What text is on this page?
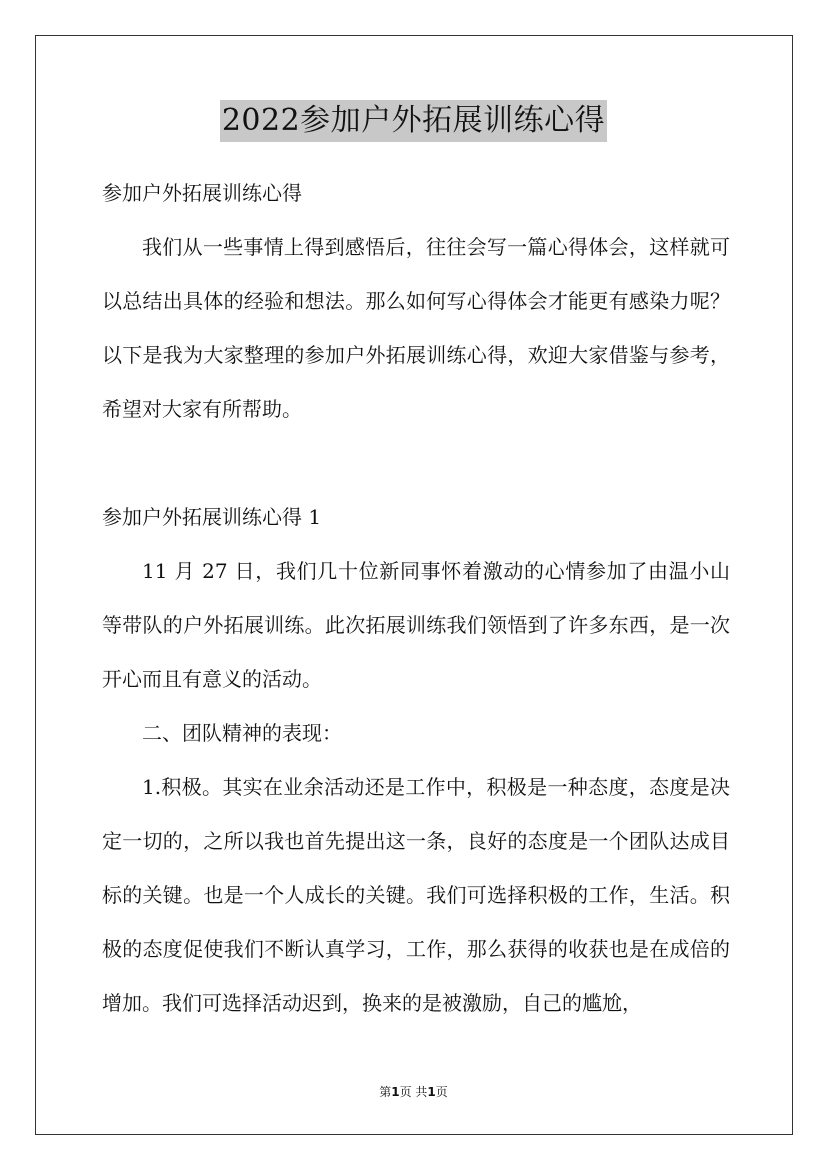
2022参加户外拓展训练心得

参加户外拓展训练心得

我们从一些事情上得到感悟后，往往会写一篇心得体会，这样就可以总结出具体的经验和想法。那么如何写心得体会才能更有感染力呢？以下是我为大家整理的参加户外拓展训练心得，欢迎大家借鉴与参考，希望对大家有所帮助。

参加户外拓展训练心得 1

11 月 27 日，我们几十位新同事怀着激动的心情参加了由温小山等带队的户外拓展训练。此次拓展训练我们领悟到了许多东西，是一次开心而且有意义的活动。

二、团队精神的表现：

1.积极。其实在业余活动还是工作中，积极是一种态度，态度是决定一切的，之所以我也首先提出这一条，良好的态度是一个团队达成目标的关键。也是一个人成长的关键。我们可选择积极的工作，生活。积极的态度促使我们不断认真学习，工作，那么获得的收获也是在成倍的增加。我们可选择活动迟到，换来的是被激励，自己的尴尬，

第1页 共1页
